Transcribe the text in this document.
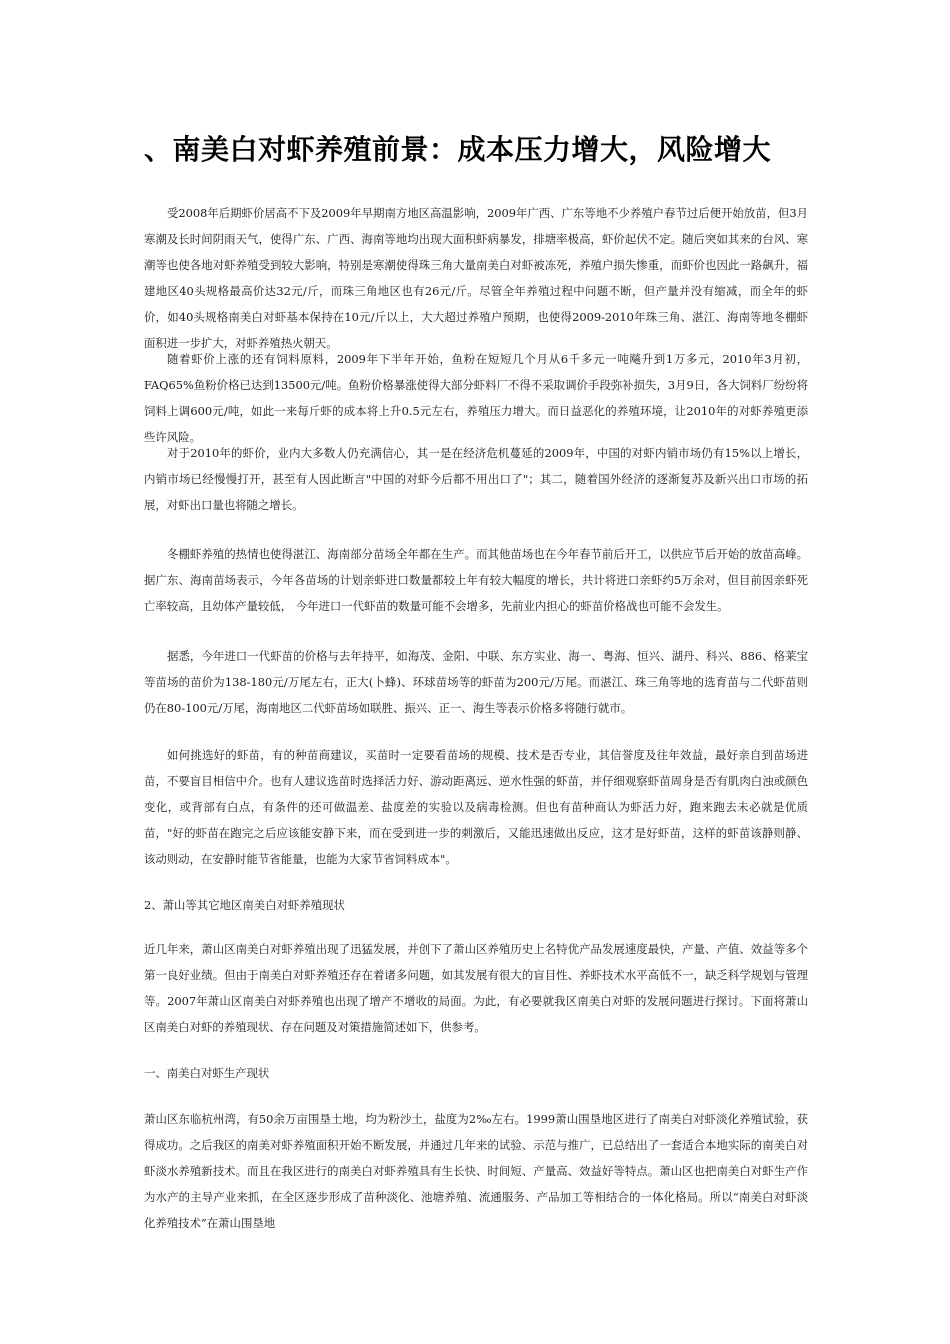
、南美白对虾养殖前景：成本压力增大，风险增大

受2008年后期虾价居高不下及2009年早期南方地区高温影响，2009年广西、广东等地不少养殖户春节过后便开始放苗，但3月寒潮及长时间阴雨天气，使得广东、广西、海南等地均出现大面积虾病暴发，排塘率极高，虾价起伏不定。随后突如其来的台风、寒潮等也使各地对虾养殖受到较大影响，特别是寒潮使得珠三角大量南美白对虾被冻死，养殖户损失惨重，而虾价也因此一路飙升，福建地区40头规格最高价达32元/斤，而珠三角地区也有26元/斤。尽管全年养殖过程中问题不断，但产量并没有缩减，而全年的虾价，如40头规格南美白对虾基本保持在10元/斤以上，大大超过养殖户预期，也使得2009-2010年珠三角、湛江、海南等地冬棚虾面积进一步扩大，对虾养殖热火朝天。

随着虾价上涨的还有饲料原料，2009年下半年开始，鱼粉在短短几个月从6千多元一吨飚升到1万多元，2010年3月初，FAQ65%鱼粉价格已达到13500元/吨。鱼粉价格暴涨使得大部分虾料厂不得不采取调价手段弥补损失，3月9日，各大饲料厂纷纷将饲料上调600元/吨，如此一来每斤虾的成本将上升0.5元左右，养殖压力增大。而日益恶化的养殖环境，让2010年的对虾养殖更添些许风险。

对于2010年的虾价，业内大多数人仍充满信心，其一是在经济危机蔓延的2009年，中国的对虾内销市场仍有15%以上增长，内销市场已经慢慢打开，甚至有人因此断言"中国的对虾今后都不用出口了"；其二，随着国外经济的逐渐复苏及新兴出口市场的拓展，对虾出口量也将随之增长。

冬棚虾养殖的热情也使得湛江、海南部分苗场全年都在生产。而其他苗场也在今年春节前后开工，以供应节后开始的放苗高峰。据广东、海南苗场表示，今年各苗场的计划亲虾进口数量都较上年有较大幅度的增长，共计将进口亲虾约5万余对，但目前因亲虾死亡率较高，且幼体产量较低， 今年进口一代虾苗的数量可能不会增多，先前业内担心的虾苗价格战也可能不会发生。

据悉，今年进口一代虾苗的价格与去年持平，如海茂、金阳、中联、东方实业、海一、粤海、恒兴、湖丹、科兴、886、格莱宝等苗场的苗价为138-180元/万尾左右，正大(卜蜂)、环球苗场等的虾苗为200元/万尾。而湛江、珠三角等地的选育苗与二代虾苗则仍在80-100元/万尾，海南地区二代虾苗场如联胜、振兴、正一、海生等表示价格多将随行就市。

如何挑选好的虾苗，有的种苗商建议，买苗时一定要看苗场的规模、技术是否专业，其信誉度及往年效益，最好亲自到苗场进苗，不要盲目相信中介。也有人建议选苗时选择活力好、游动距离远、逆水性强的虾苗，并仔细观察虾苗周身是否有肌肉白浊或颜色变化，或背部有白点，有条件的还可做温差、盐度差的实验以及病毒检测。但也有苗种商认为虾活力好，跑来跑去未必就是优质苗，"好的虾苗在跑完之后应该能安静下来，而在受到进一步的刺激后，又能迅速做出反应，这才是好虾苗，这样的虾苗该静则静、该动则动，在安静时能节省能量，也能为大家节省饲料成本"。

2、萧山等其它地区南美白对虾养殖现状

近几年来，萧山区南美白对虾养殖出现了迅猛发展，并创下了萧山区养殖历史上名特优产品发展速度最快，产量、产值、效益等多个第一良好业绩。但由于南美白对虾养殖还存在着诸多问题，如其发展有很大的盲目性、养虾技术水平高低不一，缺乏科学规划与管理等。2007年萧山区南美白对虾养殖也出现了增产不增收的局面。为此，有必要就我区南美白对虾的发展问题进行探讨。下面将萧山区南美白对虾的养殖现状、存在问题及对策措施简述如下，供参考。

一、南美白对虾生产现状

萧山区东临杭州湾，有50余万亩围垦土地，均为粉沙土，盐度为2‰左右。1999萧山围垦地区进行了南美白对虾淡化养殖试验，获得成功。之后我区的南美对虾养殖面积开始不断发展，并通过几年来的试验、示范与推广，已总结出了一套适合本地实际的南美白对虾淡水养殖新技术。而且在我区进行的南美白对虾养殖具有生长快、时间短、产量高、效益好等特点。萧山区也把南美白对虾生产作为水产的主导产业来抓，在全区逐步形成了苗种淡化、池塘养殖、流通服务、产品加工等相结合的一体化格局。所以“南美白对虾淡化养殖技术”在萧山围垦地
